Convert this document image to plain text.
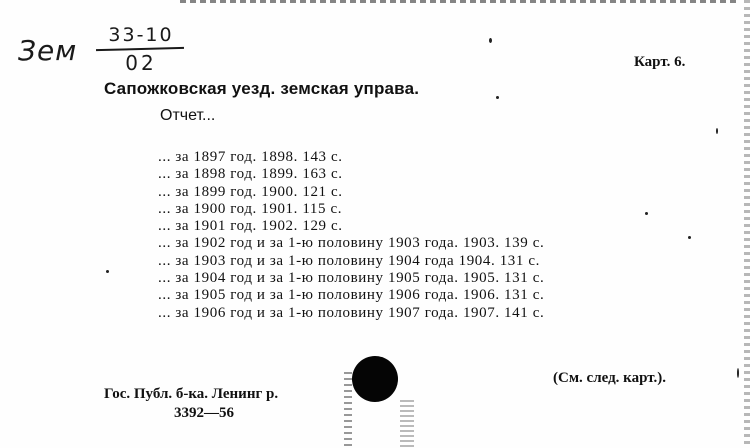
Зем	33-10
02	Карт. 6.
Сапожковская уезд. земская управа.
Отчет...
... за 1897 год. 1898. 143 с.
... за 1898 год. 1899. 163 с.
... за 1899 год. 1900. 121 с.
... за 1900 год. 1901. 115 с.
... за 1901 год. 1902. 129 с.
... за 1902 год и за 1-ю половину 1903 года. 1903. 139 с.
... за 1903 год и за 1-ю половину 1904 года 1904. 131 с.
... за 1904 год и за 1-ю половину 1905 года. 1905. 131 с.
... за 1905 год и за 1-ю половину 1906 года. 1906. 131 с.
... за 1906 год и за 1-ю половину 1907 года. 1907. 141 с.
(См. след. карт.).
Гос. Публ. б-ка. Ленинг р.
3392—56
